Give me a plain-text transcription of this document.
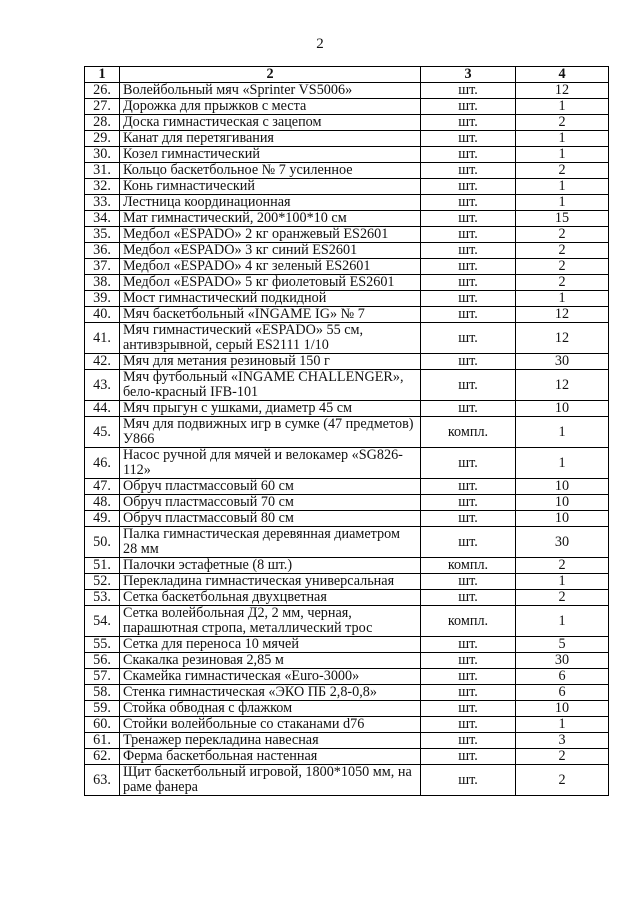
2
1	2	3	4
26.	Волейбольный мяч «Sprinter VS5006»	шт.	12
27.	Дорожка для прыжков с места	шт.	1
28.	Доска гимнастическая с зацепом	шт.	2
29.	Канат для перетягивания	шт.	1
30.	Козел гимнастический	шт.	1
31.	Кольцо баскетбольное № 7 усиленное	шт.	2
32.	Конь гимнастический	шт.	1
33.	Лестница координационная	шт.	1
34.	Мат гимнастический, 200*100*10 см	шт.	15
35.	Медбол «ESPADO» 2 кг оранжевый ES2601	шт.	2
36.	Медбол «ESPADO» 3 кг синий ES2601	шт.	2
37.	Медбол «ESPADO» 4 кг зеленый ES2601	шт.	2
38.	Медбол «ESPADO» 5 кг фиолетовый ES2601	шт.	2
39.	Мост гимнастический подкидной	шт.	1
40.	Мяч баскетбольный «INGAME IG» № 7	шт.	12
41.	Мяч гимнастический «ESPADO» 55 см, антивзрывной, серый ES2111 1/10	шт.	12
42.	Мяч для метания резиновый 150 г	шт.	30
43.	Мяч футбольный «INGAME CHALLENGER», бело-красный IFB-101	шт.	12
44.	Мяч прыгун с ушками, диаметр 45 см	шт.	10
45.	Мяч для подвижных игр в сумке (47 предметов) У866	компл.	1
46.	Насос ручной для мячей и велокамер «SG826-112»	шт.	1
47.	Обруч пластмассовый 60 см	шт.	10
48.	Обруч пластмассовый 70 см	шт.	10
49.	Обруч пластмассовый 80 см	шт.	10
50.	Палка гимнастическая деревянная диаметром 28 мм	шт.	30
51.	Палочки эстафетные (8 шт.)	компл.	2
52.	Перекладина гимнастическая универсальная	шт.	1
53.	Сетка баскетбольная двухцветная	шт.	2
54.	Сетка волейбольная Д2, 2 мм, черная, парашютная стропа, металлический трос	компл.	1
55.	Сетка для переноса 10 мячей	шт.	5
56.	Скакалка резиновая 2,85 м	шт.	30
57.	Скамейка гимнастическая «Euro-3000»	шт.	6
58.	Стенка гимнастическая «ЭКО ПБ 2,8-0,8»	шт.	6
59.	Стойка обводная с флажком	шт.	10
60.	Стойки волейбольные со стаканами d76	шт.	1
61.	Тренажер перекладина навесная	шт.	3
62.	Ферма баскетбольная настенная	шт.	2
63.	Щит баскетбольный игровой, 1800*1050 мм, на раме фанера	шт.	2
